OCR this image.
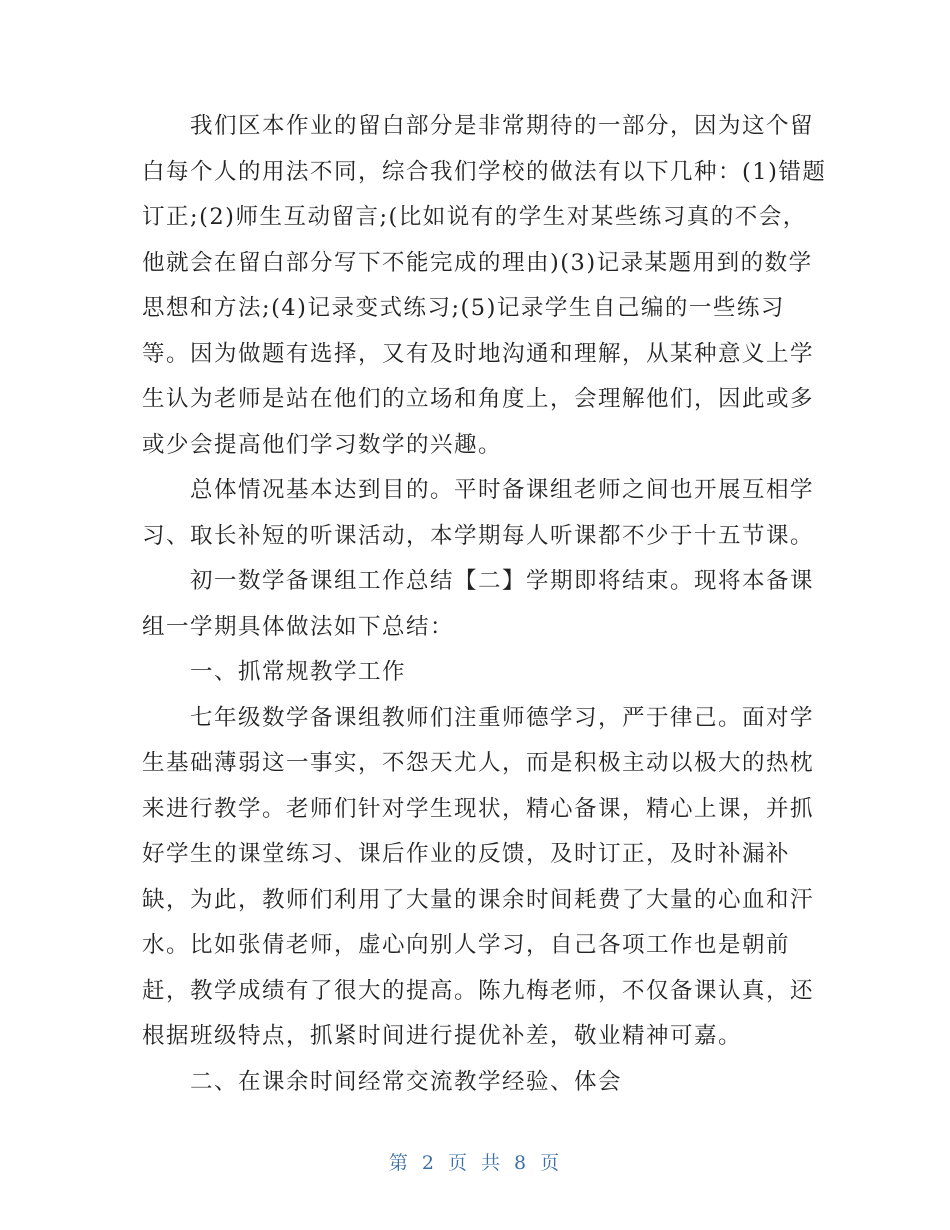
我们区本作业的留白部分是非常期待的一部分，因为这个留
白每个人的用法不同，综合我们学校的做法有以下几种：(1)错题
订正;(2)师生互动留言;(比如说有的学生对某些练习真的不会，
他就会在留白部分写下不能完成的理由)(3)记录某题用到的数学
思想和方法;(4)记录变式练习;(5)记录学生自己编的一些练习
等。因为做题有选择，又有及时地沟通和理解，从某种意义上学
生认为老师是站在他们的立场和角度上，会理解他们，因此或多
或少会提高他们学习数学的兴趣。

总体情况基本达到目的。平时备课组老师之间也开展互相学
习、取长补短的听课活动，本学期每人听课都不少于十五节课。

初一数学备课组工作总结【二】学期即将结束。现将本备课
组一学期具体做法如下总结：

一、抓常规教学工作

七年级数学备课组教师们注重师德学习，严于律己。面对学
生基础薄弱这一事实，不怨天尤人，而是积极主动以极大的热枕
来进行教学。老师们针对学生现状，精心备课，精心上课，并抓
好学生的课堂练习、课后作业的反馈，及时订正，及时补漏补
缺，为此，教师们利用了大量的课余时间耗费了大量的心血和汗
水。比如张倩老师，虚心向别人学习，自己各项工作也是朝前
赶，教学成绩有了很大的提高。陈九梅老师，不仅备课认真，还
根据班级特点，抓紧时间进行提优补差，敬业精神可嘉。

二、在课余时间经常交流教学经验、体会

第 2 页 共 8 页
